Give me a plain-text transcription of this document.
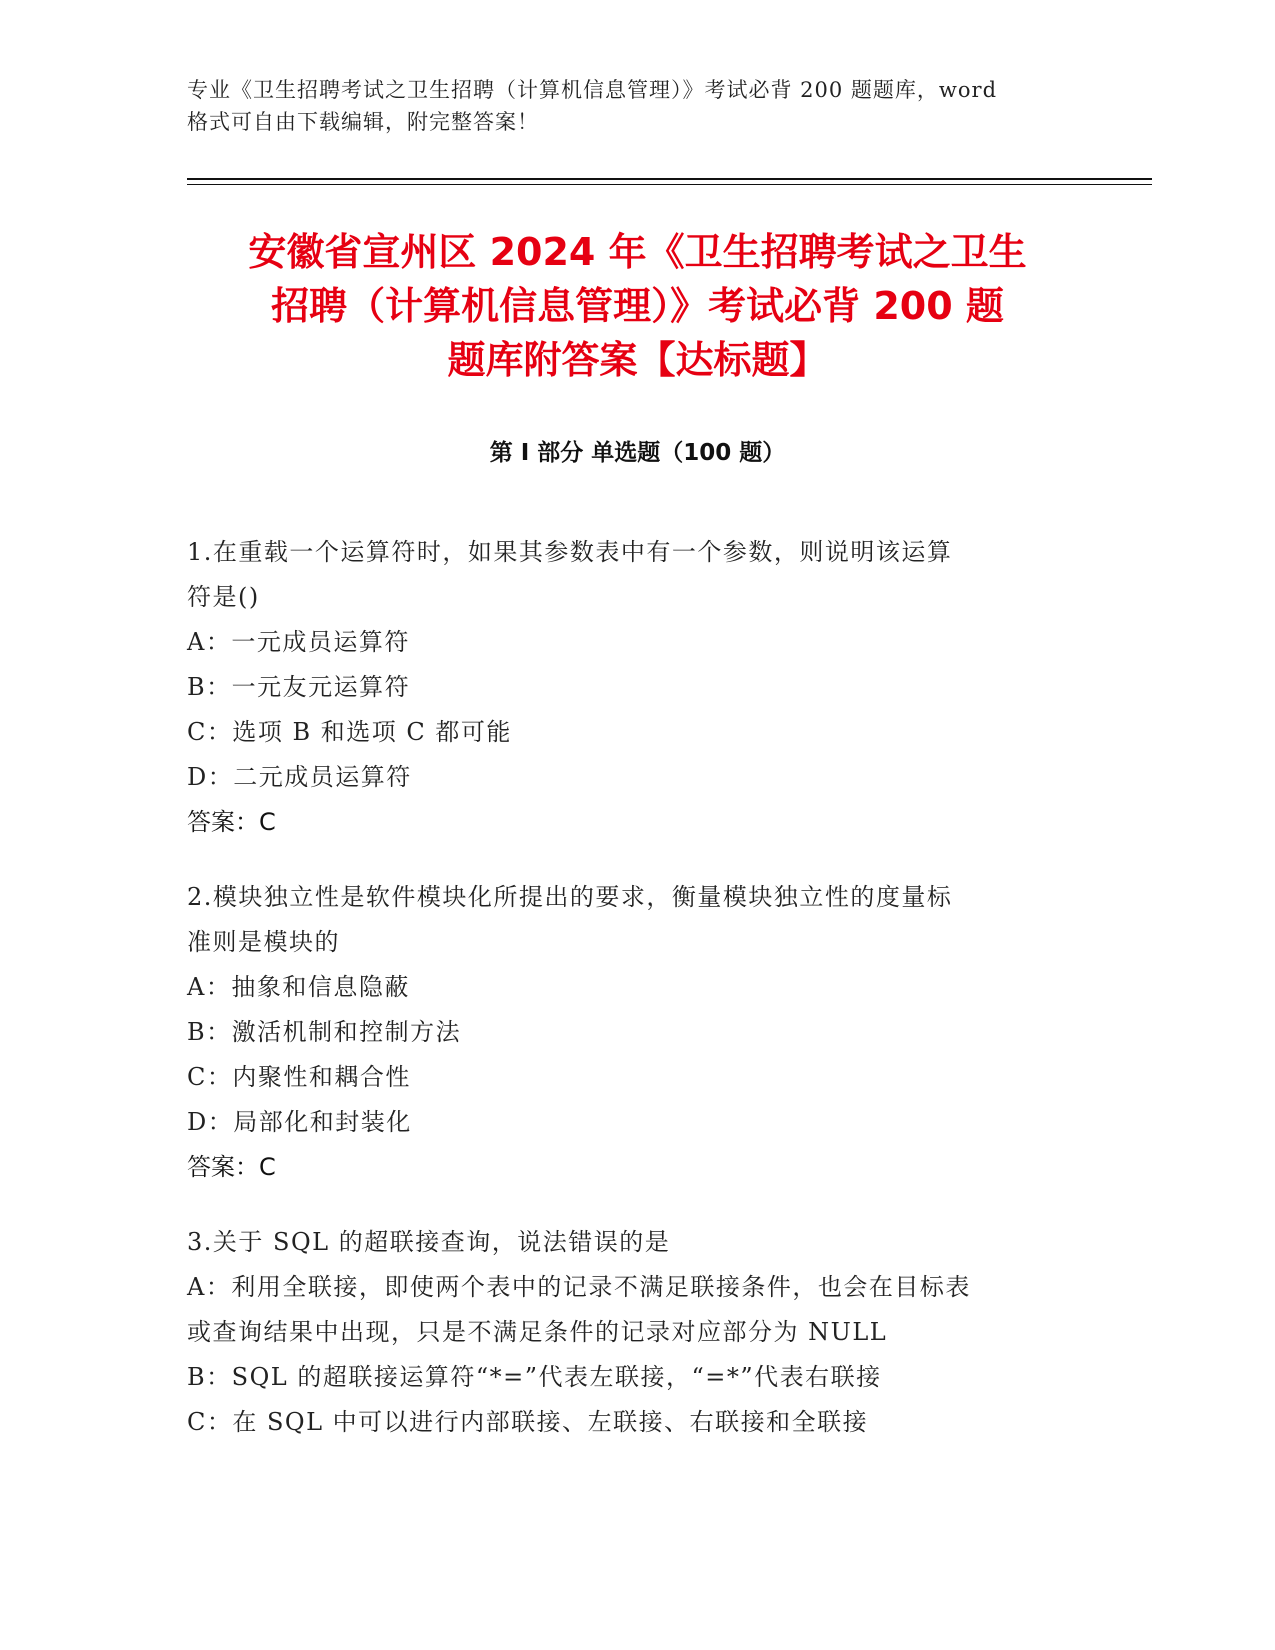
专业《卫生招聘考试之卫生招聘（计算机信息管理）》考试必背 200 题题库，word
格式可自由下载编辑，附完整答案！
安徽省宣州区 2024 年《卫生招聘考试之卫生
招聘（计算机信息管理）》考试必背 200 题
题库附答案【达标题】
第 I 部分 单选题（100 题）

1.在重载一个运算符时，如果其参数表中有一个参数，则说明该运算

符是()

A：一元成员运算符

B：一元友元运算符

C：选项 B 和选项 C 都可能

D：二元成员运算符

答案：C

2.模块独立性是软件模块化所提出的要求，衡量模块独立性的度量标

准则是模块的

A：抽象和信息隐蔽

B：激活机制和控制方法

C：内聚性和耦合性

D：局部化和封装化

答案：C

3.关于 SQL 的超联接查询，说法错误的是

A：利用全联接，即使两个表中的记录不满足联接条件，也会在目标表

或查询结果中出现，只是不满足条件的记录对应部分为 NULL

B：SQL 的超联接运算符“*=”代表左联接，“=*”代表右联接

C：在 SQL 中可以进行内部联接、左联接、右联接和全联接
